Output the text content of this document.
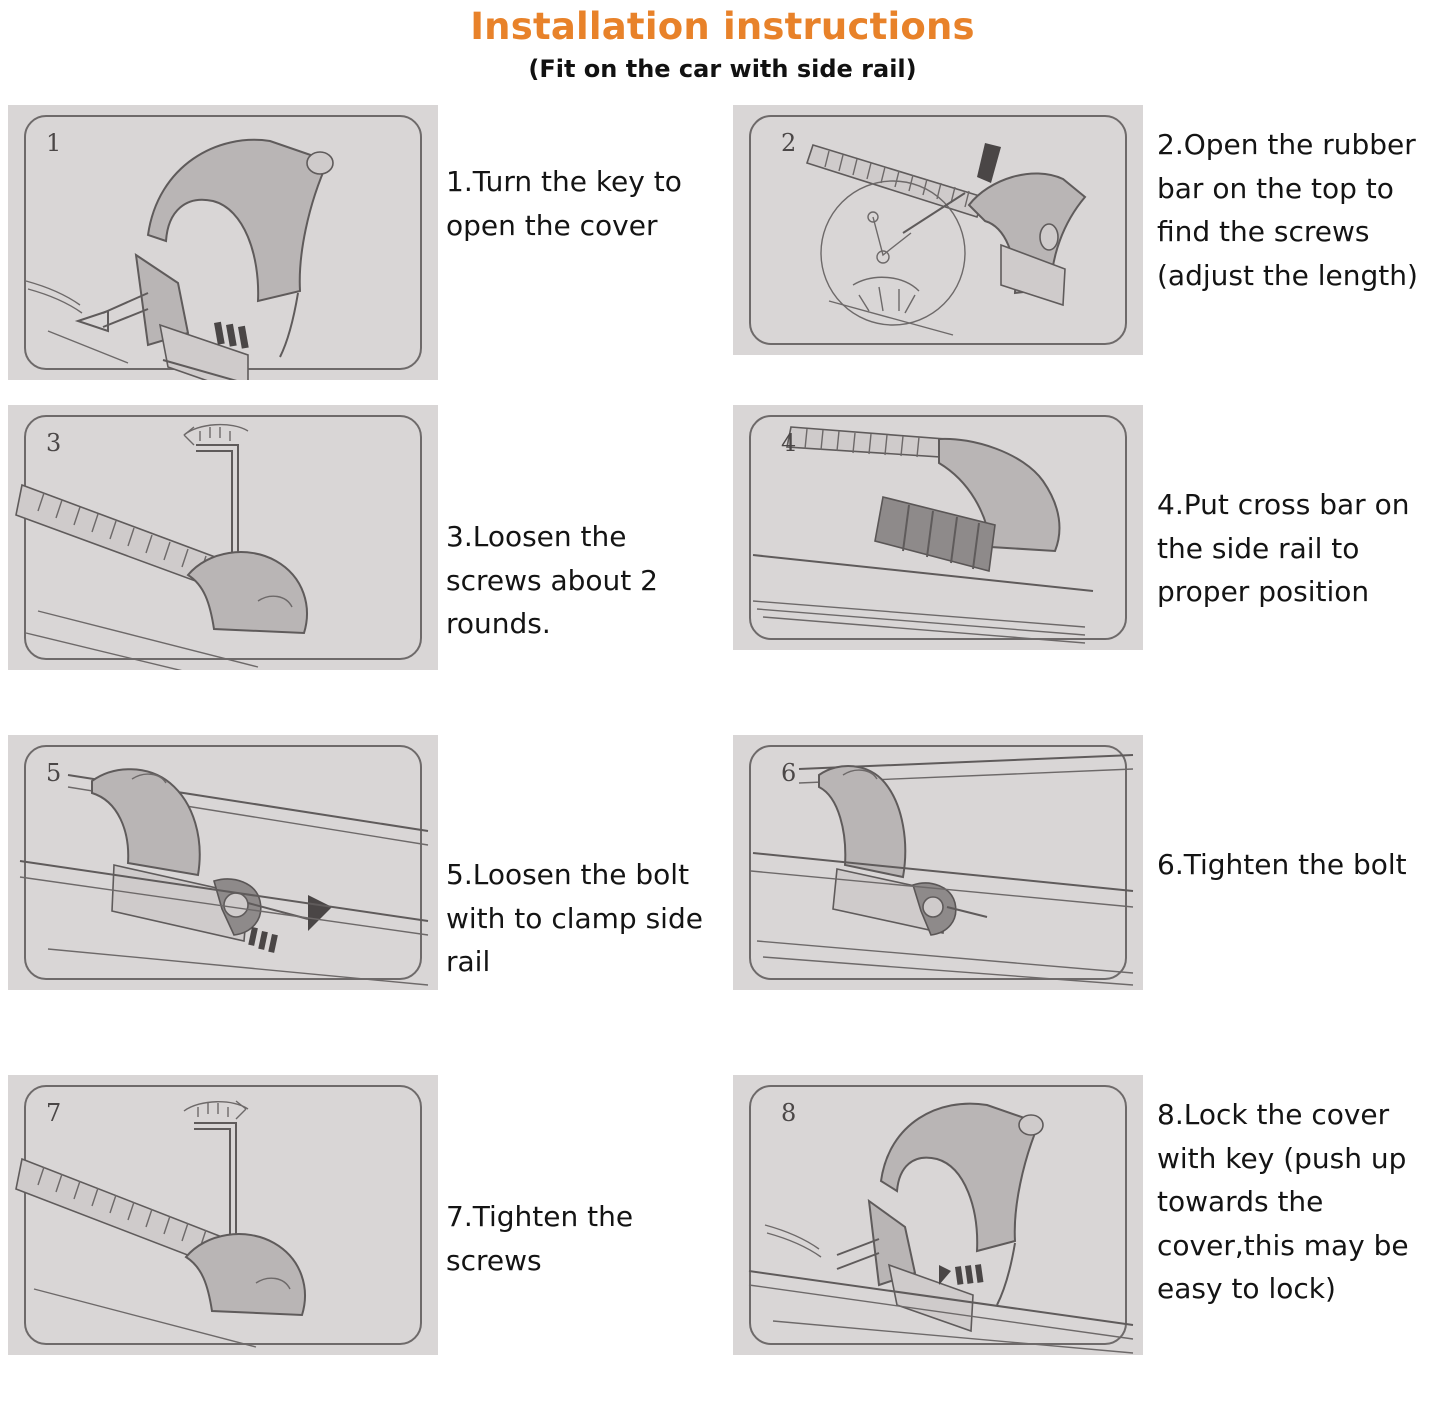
Installation instructions
(Fit on the car with side rail)
1
1.Turn the key to open the cover
2	2.Open the rubber bar on the top to find the screws (adjust the length)
3
3.Loosen the screws about 2 rounds.
4
4.Put cross bar on the side rail to proper position
5
5.Loosen the bolt with to clamp side rail
6
6.Tighten the bolt
7
7.Tighten the screws
8	8.Lock the cover with key (push up towards the cover,this may be easy to lock)
